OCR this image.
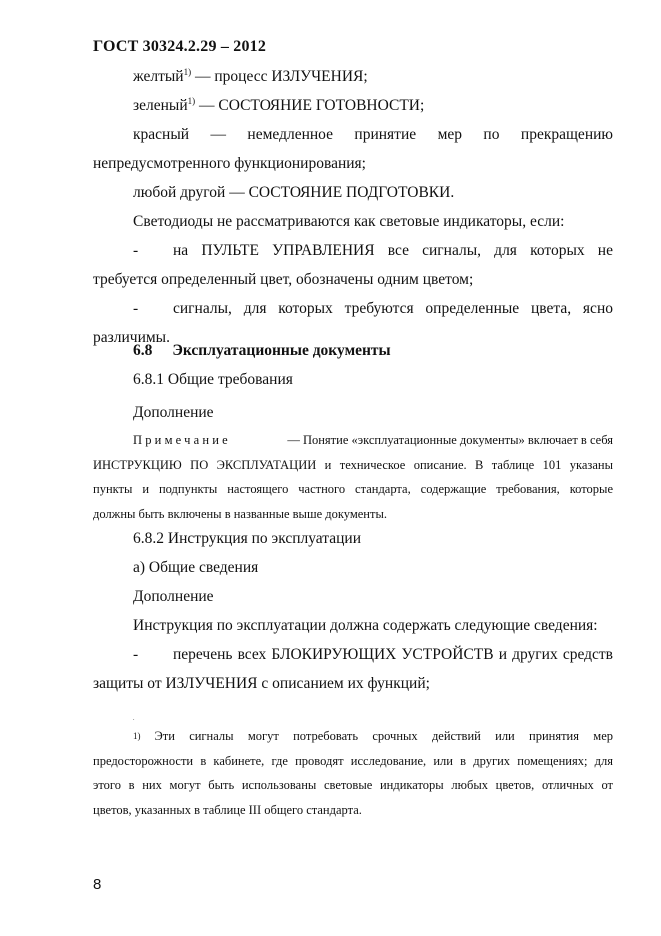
ГОСТ 30324.2.29 – 2012

желтый$^{1)}$ — процесс ИЗЛУЧЕНИЯ;

зеленый$^{1)}$ — СОСТОЯНИЕ ГОТОВНОСТИ;

красный — немедленное принятие мер по прекращению

непредусмотренного функционирования;

любой другой — СОСТОЯНИЕ ПОДГОТОВКИ.

Светодиоды не рассматриваются как световые индикаторы, если:

-	на ПУЛЬТЕ УПРАВЛЕНИЯ все сигналы, для которых не

требуется определенный цвет, обозначены одним цветом;

-	сигналы, для которых требуются определенные цвета, ясно

различимы.

6.8 Эксплуатационные документы

6.8.1 Общие требования

Дополнение

Примечание	— Понятие «эксплуатационные документы» включает в себя
ИНСТРУКЦИЮ ПО ЭКСПЛУАТАЦИИ и техническое описание. В таблице 101 указаны
пункты и подпункты настоящего частного стандарта, содержащие требования, которые
должны быть включены в названные выше документы.

6.8.2 Инструкция по эксплуатации

а) Общие сведения

Дополнение

Инструкция по эксплуатации должна содержать следующие сведения:

-	перечень всех БЛОКИРУЮЩИХ УСТРОЙСТВ и других средств

защиты от ИЗЛУЧЕНИЯ с описанием их функций;

.
1) Эти сигналы могут потребовать срочных действий или принятия мер
предосторожности в кабинете, где проводят исследование, или в других помещениях; для
этого в них могут быть использованы световые индикаторы любых цветов, отличных от
цветов, указанных в таблице III общего стандарта.
8
